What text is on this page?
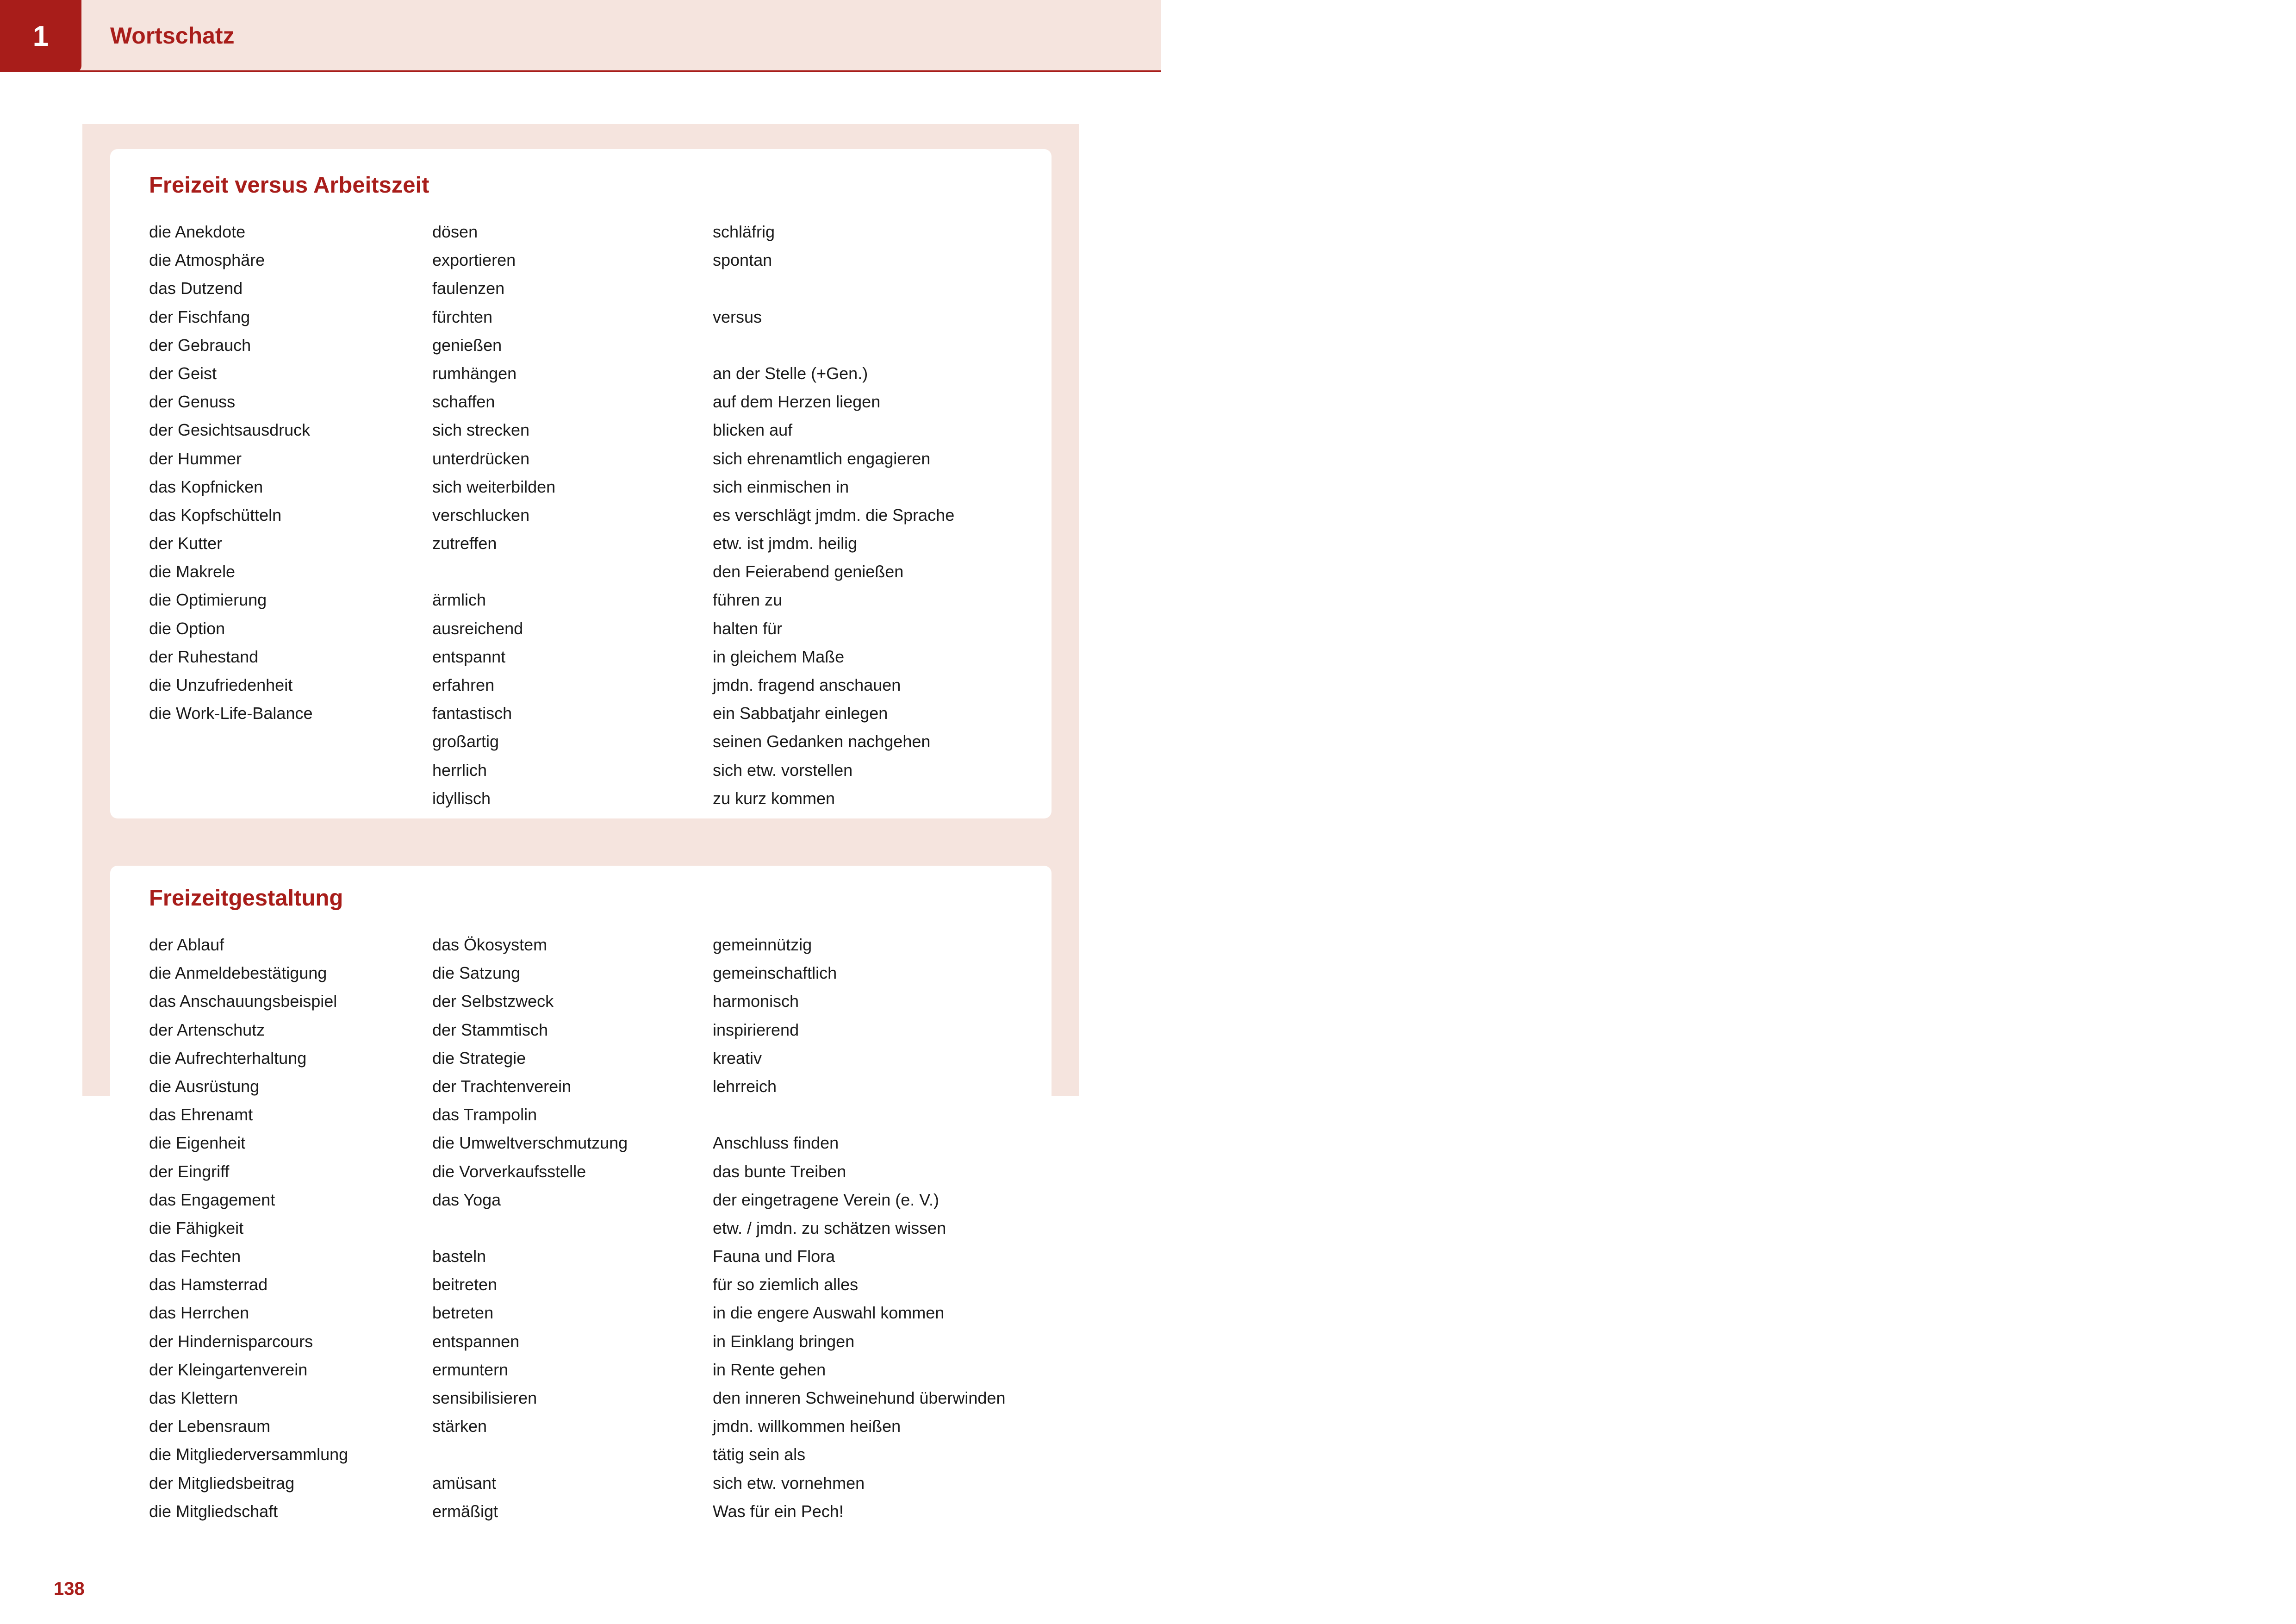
1	Wortschatz
Freizeit versus Arbeitszeit
die Anekdote
die Atmosphäre
das Dutzend
der Fischfang
der Gebrauch
der Geist
der Genuss
der Gesichtsausdruck
der Hummer
das Kopfnicken
das Kopfschütteln
der Kutter
die Makrele
die Optimierung
die Option
der Ruhestand
die Unzufriedenheit
die Work-Life-Balance
dösen
exportieren
faulenzen
fürchten
genießen
rumhängen
schaffen
sich strecken
unterdrücken
sich weiterbilden
verschlucken
zutreffen
ärmlich
ausreichend
entspannt
erfahren
fantastisch
großartig
herrlich
idyllisch
schläfrig
spontan
versus
an der Stelle (+Gen.)
auf dem Herzen liegen
blicken auf
sich ehrenamtlich engagieren
sich einmischen in
es verschlägt jmdm. die Sprache
etw. ist jmdm. heilig
den Feierabend genießen
führen zu
halten für
in gleichem Maße
jmdn. fragend anschauen
ein Sabbatjahr einlegen
seinen Gedanken nachgehen
sich etw. vorstellen
zu kurz kommen
Freizeitgestaltung
der Ablauf
die Anmeldebestätigung
das Anschauungsbeispiel
der Artenschutz
die Aufrechterhaltung
die Ausrüstung
das Ehrenamt
die Eigenheit
der Eingriff
das Engagement
die Fähigkeit
das Fechten
das Hamsterrad
das Herrchen
der Hindernisparcours
der Kleingartenverein
das Klettern
der Lebensraum
die Mitgliederversammlung
der Mitgliedsbeitrag
die Mitgliedschaft
das Ökosystem
die Satzung
der Selbstzweck
der Stammtisch
die Strategie
der Trachtenverein
das Trampolin
die Umweltverschmutzung
die Vorverkaufsstelle
das Yoga
basteln
beitreten
betreten
entspannen
ermuntern
sensibilisieren
stärken
amüsant
ermäßigt
gemeinnützig
gemeinschaftlich
harmonisch
inspirierend
kreativ
lehrreich
Anschluss finden
das bunte Treiben
der eingetragene Verein (e. V.)
etw. / jmdn. zu schätzen wissen
Fauna und Flora
für so ziemlich alles
in die engere Auswahl kommen
in Einklang bringen
in Rente gehen
den inneren Schweinehund überwinden
jmdn. willkommen heißen
tätig sein als
sich etw. vornehmen
Was für ein Pech!
138
